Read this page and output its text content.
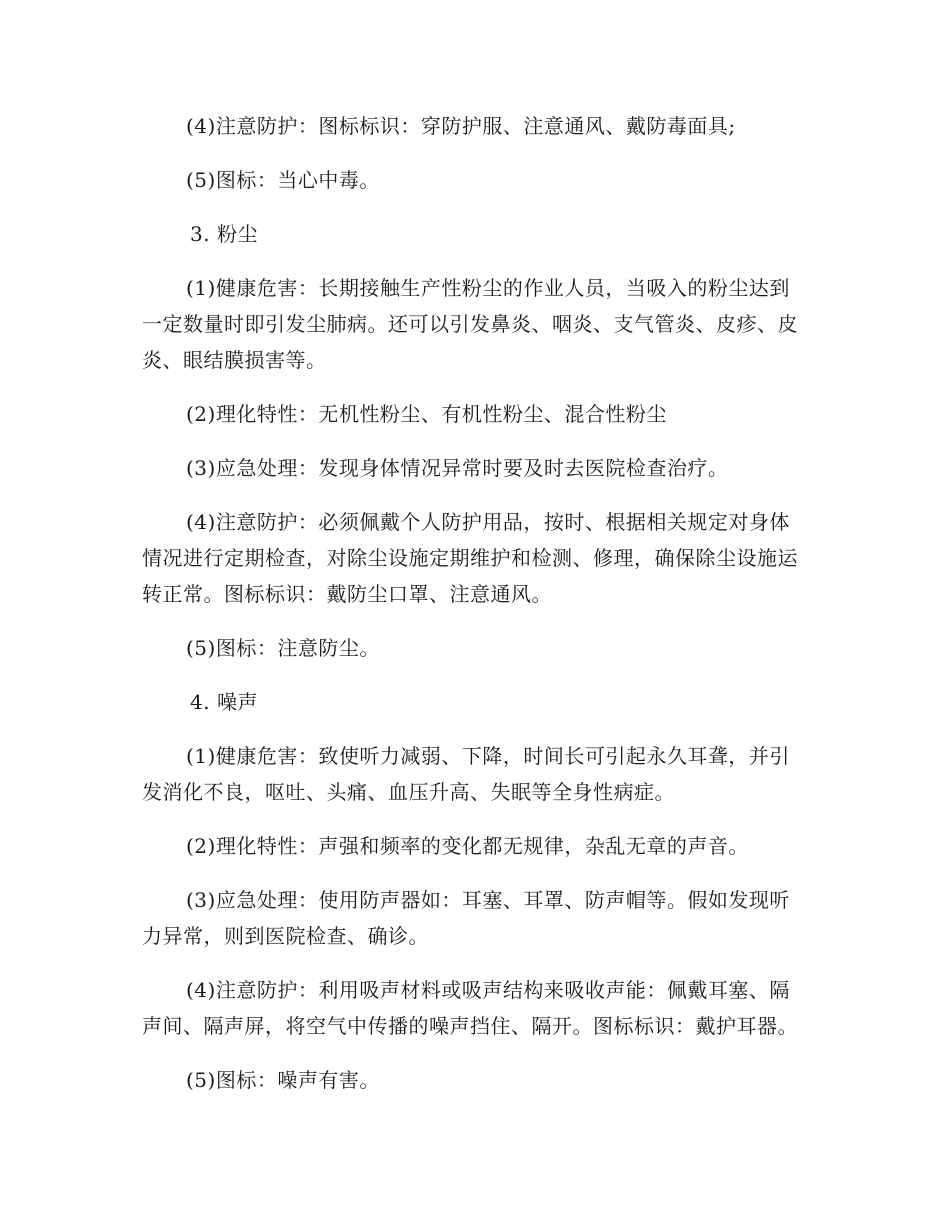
(4)注意防护：图标标识：穿防护服、注意通风、戴防毒面具;

(5)图标：当心中毒。

3. 粉尘

(1)健康危害：长期接触生产性粉尘的作业人员，当吸入的粉尘达到一定数量时即引发尘肺病。还可以引发鼻炎、咽炎、支气管炎、皮疹、皮炎、眼结膜损害等。

(2)理化特性：无机性粉尘、有机性粉尘、混合性粉尘

(3)应急处理：发现身体情况异常时要及时去医院检查治疗。

(4)注意防护：必须佩戴个人防护用品，按时、根据相关规定对身体情况进行定期检查，对除尘设施定期维护和检测、修理，确保除尘设施运转正常。图标标识：戴防尘口罩、注意通风。

(5)图标：注意防尘。

4. 噪声

(1)健康危害：致使听力减弱、下降，时间长可引起永久耳聋，并引发消化不良，呕吐、头痛、血压升高、失眠等全身性病症。

(2)理化特性：声强和频率的变化都无规律，杂乱无章的声音。

(3)应急处理：使用防声器如：耳塞、耳罩、防声帽等。假如发现听力异常，则到医院检查、确诊。

(4)注意防护：利用吸声材料或吸声结构来吸收声能：佩戴耳塞、隔声间、隔声屏，将空气中传播的噪声挡住、隔开。图标标识：戴护耳器。

(5)图标：噪声有害。
